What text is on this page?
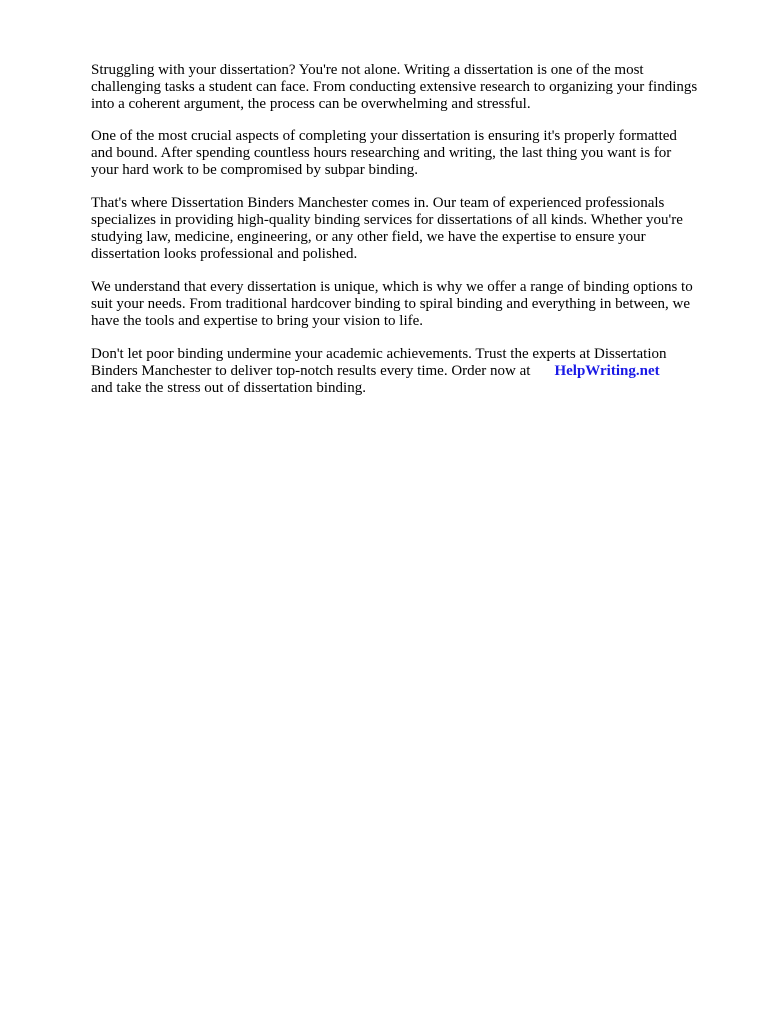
Struggling with your dissertation? You're not alone. Writing a dissertation is one of the most
challenging tasks a student can face. From conducting extensive research to organizing your findings
into a coherent argument, the process can be overwhelming and stressful.

One of the most crucial aspects of completing your dissertation is ensuring it's properly formatted
and bound. After spending countless hours researching and writing, the last thing you want is for
your hard work to be compromised by subpar binding.

That's where Dissertation Binders Manchester comes in. Our team of experienced professionals
specializes in providing high-quality binding services for dissertations of all kinds. Whether you're
studying law, medicine, engineering, or any other field, we have the expertise to ensure your
dissertation looks professional and polished.

We understand that every dissertation is unique, which is why we offer a range of binding options to
suit your needs. From traditional hardcover binding to spiral binding and everything in between, we
have the tools and expertise to bring your vision to life.

Don't let poor binding undermine your academic achievements. Trust the experts at Dissertation
Binders Manchester to deliver top-notch results every time. Order now at HelpWriting.net
and take the stress out of dissertation binding.
